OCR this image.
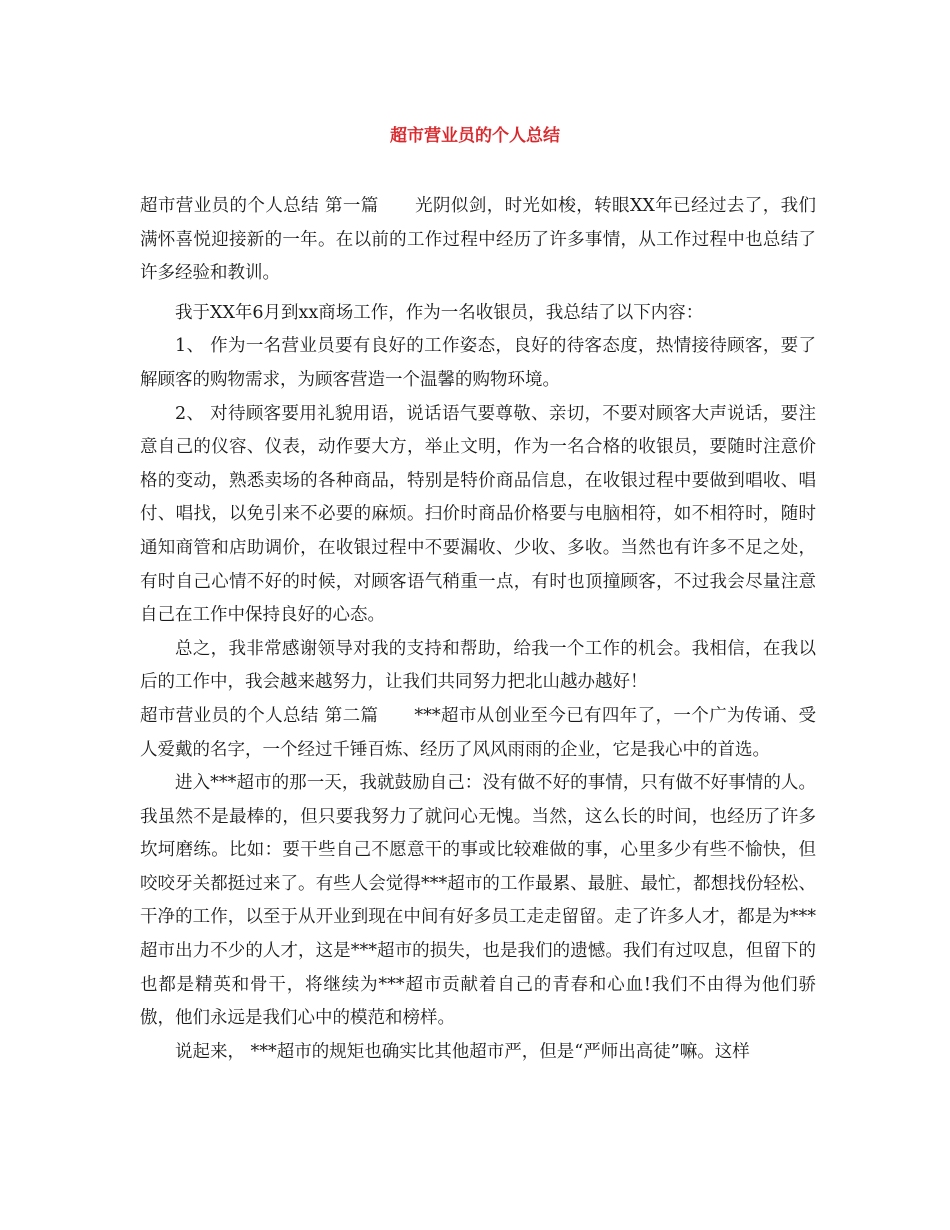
超市营业员的个人总结

超市营业员的个人总结 第一篇 光阴似剑，时光如梭，转眼XX年已经过去了，我们满怀喜悦迎接新的一年。在以前的工作过程中经历了许多事情，从工作过程中也总结了许多经验和教训。

我于XX年6月到xx商场工作，作为一名收银员，我总结了以下内容：

1、 作为一名营业员要有良好的工作姿态，良好的待客态度，热情接待顾客，要了解顾客的购物需求，为顾客营造一个温馨的购物环境。

2、 对待顾客要用礼貌用语，说话语气要尊敬、亲切，不要对顾客大声说话，要注意自己的仪容、仪表，动作要大方，举止文明，作为一名合格的收银员，要随时注意价格的变动，熟悉卖场的各种商品，特别是特价商品信息，在收银过程中要做到唱收、唱付、唱找，以免引来不必要的麻烦。扫价时商品价格要与电脑相符，如不相符时，随时通知商管和店助调价，在收银过程中不要漏收、少收、多收。当然也有许多不足之处，有时自己心情不好的时候，对顾客语气稍重一点，有时也顶撞顾客，不过我会尽量注意自己在工作中保持良好的心态。

总之，我非常感谢领导对我的支持和帮助，给我一个工作的机会。我相信，在我以后的工作中，我会越来越努力，让我们共同努力把北山越办越好！

超市营业员的个人总结 第二篇 ***超市从创业至今已有四年了，一个广为传诵、受人爱戴的名字，一个经过千锤百炼、经历了风风雨雨的企业，它是我心中的首选。

进入***超市的那一天，我就鼓励自己：没有做不好的事情，只有做不好事情的人。我虽然不是最棒的，但只要我努力了就问心无愧。当然，这么长的时间，也经历了许多坎坷磨练。比如：要干些自己不愿意干的事或比较难做的事，心里多少有些不愉快，但咬咬牙关都挺过来了。有些人会觉得***超市的工作最累、最脏、最忙，都想找份轻松、干净的工作，以至于从开业到现在中间有好多员工走走留留。走了许多人才，都是为***超市出力不少的人才，这是***超市的损失，也是我们的遗憾。我们有过叹息，但留下的也都是精英和骨干，将继续为***超市贡献着自己的青春和心血!我们不由得为他们骄傲，他们永远是我们心中的模范和榜样。

说起来， ***超市的规矩也确实比其他超市严，但是“严师出高徒”嘛。这样
